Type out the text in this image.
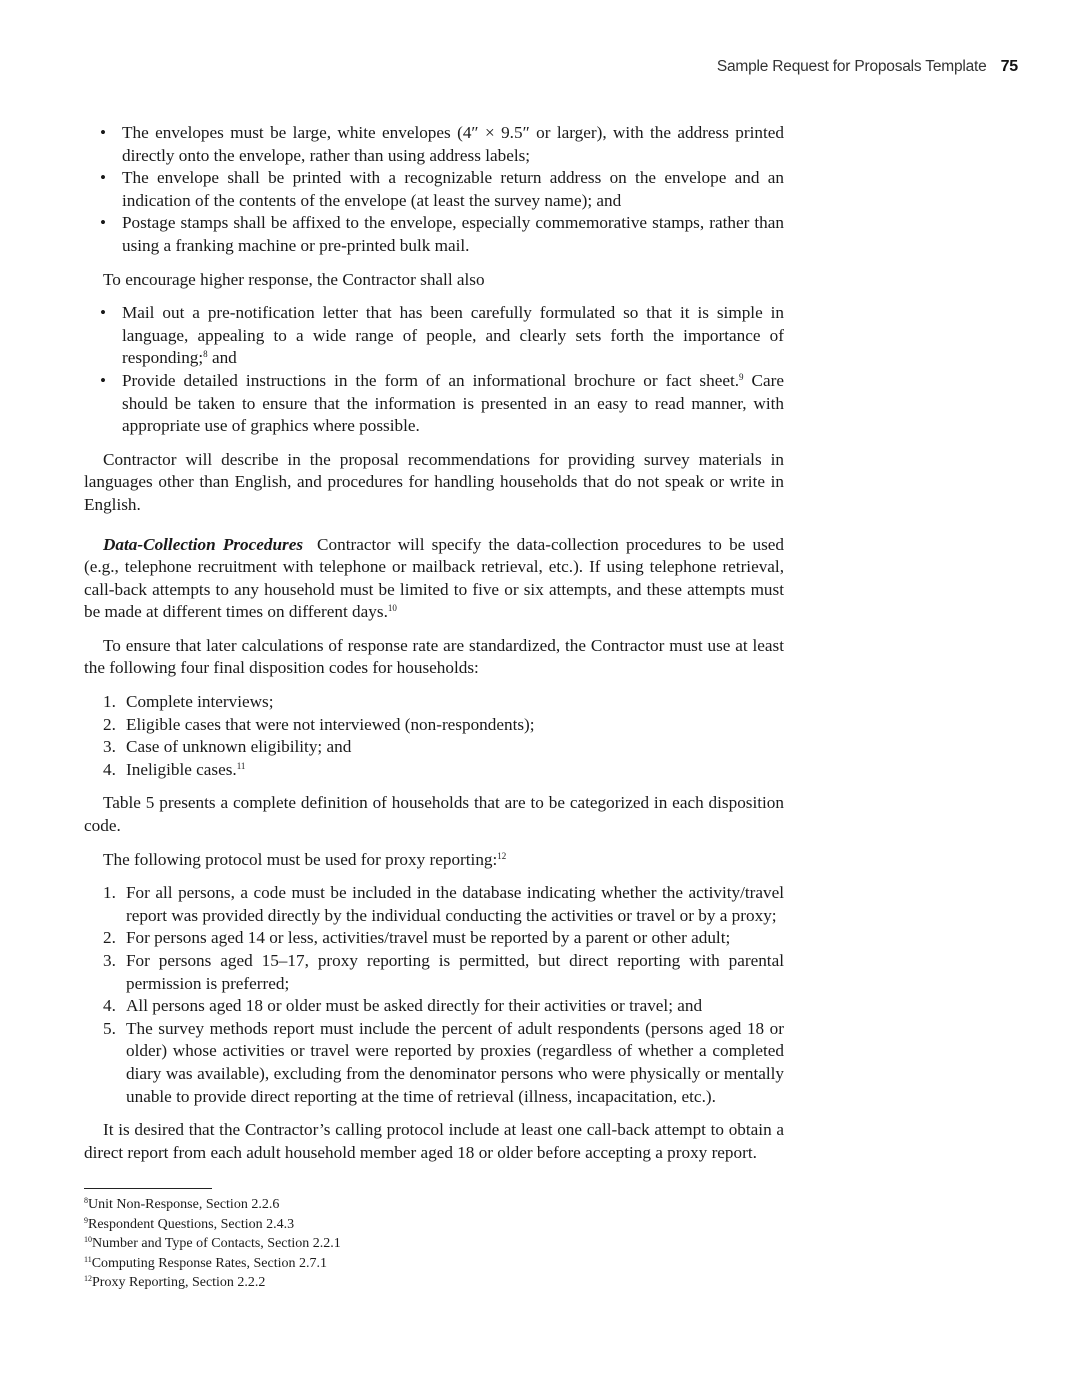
Sample Request for Proposals Template 75
• The envelopes must be large, white envelopes (4″ × 9.5″ or larger), with the address printed directly onto the envelope, rather than using address labels;
• The envelope shall be printed with a recognizable return address on the envelope and an indication of the contents of the envelope (at least the survey name); and
• Postage stamps shall be affixed to the envelope, especially commemorative stamps, rather than using a franking machine or pre-printed bulk mail.

To encourage higher response, the Contractor shall also

• Mail out a pre-notification letter that has been carefully formulated so that it is simple in language, appealing to a wide range of people, and clearly sets forth the importance of responding;$^8$ and
• Provide detailed instructions in the form of an informational brochure or fact sheet.$^9$ Care should be taken to ensure that the information is presented in an easy to read manner, with appropriate use of graphics where possible.

Contractor will describe in the proposal recommendations for providing survey materials in languages other than English, and procedures for handling households that do not speak or write in English.

Data-Collection Procedures Contractor will specify the data-collection procedures to be used (e.g., telephone recruitment with telephone or mailback retrieval, etc.). If using telephone retrieval, call-back attempts to any household must be limited to five or six attempts, and these attempts must be made at different times on different days.$^{10}$

To ensure that later calculations of response rate are standardized, the Contractor must use at least the following four final disposition codes for households:

1. Complete interviews;
2. Eligible cases that were not interviewed (non-respondents);
3. Case of unknown eligibility; and
4. Ineligible cases.$^{11}$

Table 5 presents a complete definition of households that are to be categorized in each disposition code.

The following protocol must be used for proxy reporting:$^{12}$

1. For all persons, a code must be included in the database indicating whether the activity/travel report was provided directly by the individual conducting the activities or travel or by a proxy;
2. For persons aged 14 or less, activities/travel must be reported by a parent or other adult;
3. For persons aged 15–17, proxy reporting is permitted, but direct reporting with parental permission is preferred;
4. All persons aged 18 or older must be asked directly for their activities or travel; and
5. The survey methods report must include the percent of adult respondents (persons aged 18 or older) whose activities or travel were reported by proxies (regardless of whether a completed diary was available), excluding from the denominator persons who were physically or mentally unable to provide direct reporting at the time of retrieval (illness, incapacitation, etc.).

It is desired that the Contractor’s calling protocol include at least one call-back attempt to obtain a direct report from each adult household member aged 18 or older before accepting a proxy report.

$^8$Unit Non-Response, Section 2.2.6
$^9$Respondent Questions, Section 2.4.3
$^{10}$Number and Type of Contacts, Section 2.2.1
$^{11}$Computing Response Rates, Section 2.7.1
$^{12}$Proxy Reporting, Section 2.2.2
